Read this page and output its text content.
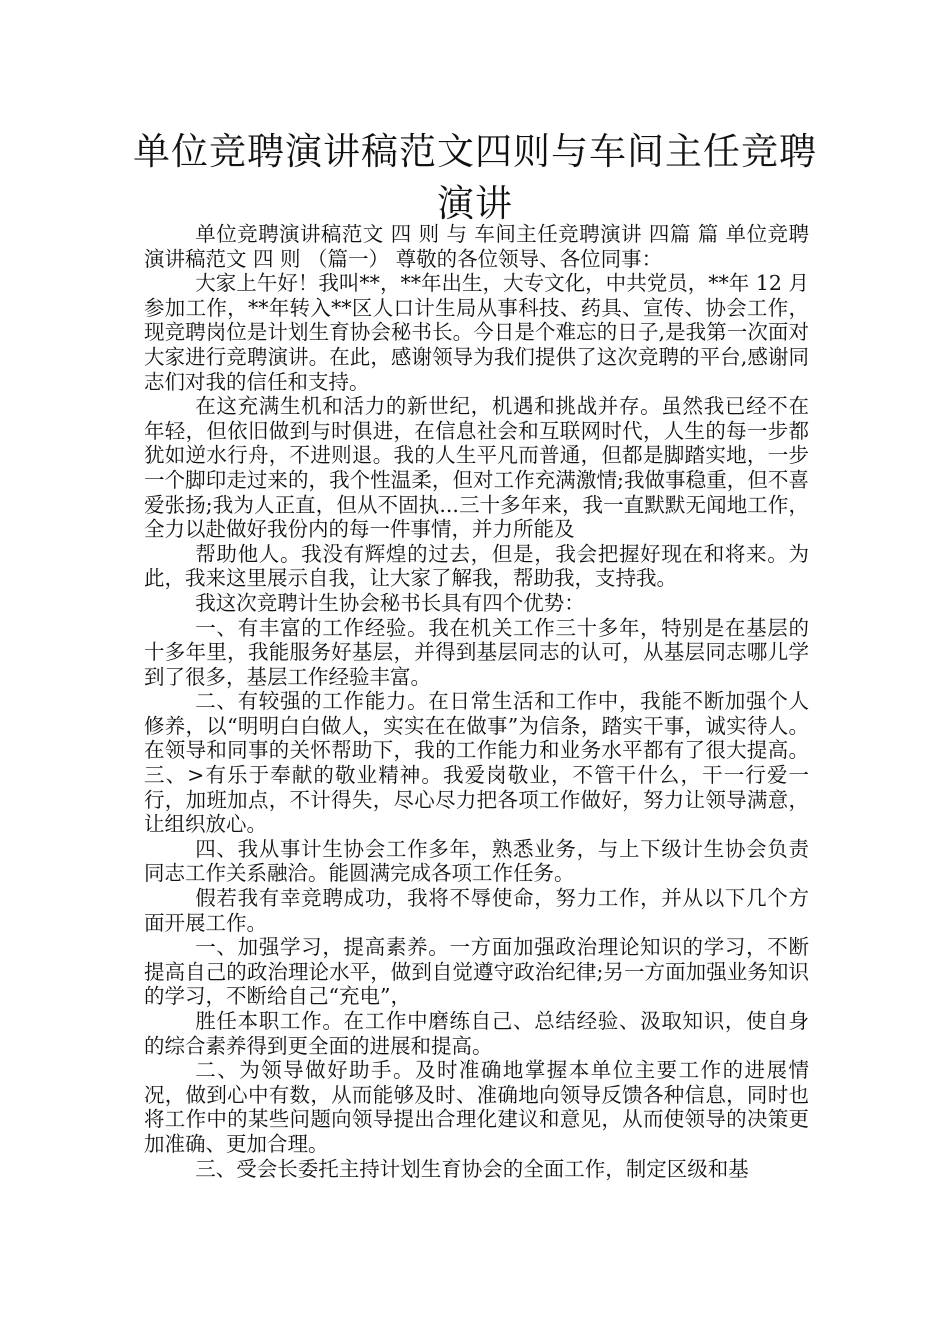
单位竞聘演讲稿范文四则与车间主任竞聘演讲

单位竞聘演讲稿范文 四 则 与 车间主任竞聘演讲 四篇 篇 单位竞聘演讲稿范文 四 则 （篇一） 尊敬的各位领导、各位同事：

大家上午好！我叫**，**年出生，大专文化，中共党员，**年 12 月参加工作，**年转入**区人口计生局从事科技、药具、宣传、协会工作，现竞聘岗位是计划生育协会秘书长。今日是个难忘的日子,是我第一次面对大家进行竞聘演讲。在此，感谢领导为我们提供了这次竞聘的平台,感谢同志们对我的信任和支持。

在这充满生机和活力的新世纪，机遇和挑战并存。虽然我已经不在年轻，但依旧做到与时俱进，在信息社会和互联网时代，人生的每一步都犹如逆水行舟，不进则退。我的人生平凡而普通，但都是脚踏实地，一步一个脚印走过来的，我个性温柔，但对工作充满激情;我做事稳重，但不喜爱张扬;我为人正直，但从不固执...三十多年来，我一直默默无闻地工作，全力以赴做好我份内的每一件事情，并力所能及

帮助他人。我没有辉煌的过去，但是，我会把握好现在和将来。为此，我来这里展示自我，让大家了解我，帮助我，支持我。

我这次竞聘计生协会秘书长具有四个优势：

一、有丰富的工作经验。我在机关工作三十多年，特别是在基层的十多年里，我能服务好基层，并得到基层同志的认可，从基层同志哪儿学到了很多，基层工作经验丰富。

二、有较强的工作能力。在日常生活和工作中，我能不断加强个人修养，以“明明白白做人，实实在在做事”为信条，踏实干事，诚实待人。在领导和同事的关怀帮助下，我的工作能力和业务水平都有了很大提高。三、>有乐于奉献的敬业精神。我爱岗敬业，不管干什么，干一行爱一行，加班加点，不计得失，尽心尽力把各项工作做好，努力让领导满意，让组织放心。

四、我从事计生协会工作多年，熟悉业务，与上下级计生协会负责同志工作关系融洽。能圆满完成各项工作任务。

假若我有幸竞聘成功，我将不辱使命，努力工作，并从以下几个方面开展工作。

一、加强学习，提高素养。一方面加强政治理论知识的学习，不断提高自己的政治理论水平，做到自觉遵守政治纪律;另一方面加强业务知识的学习，不断给自己“充电”，

胜任本职工作。在工作中磨练自己、总结经验、汲取知识，使自身的综合素养得到更全面的进展和提高。

二、为领导做好助手。及时准确地掌握本单位主要工作的进展情况，做到心中有数，从而能够及时、准确地向领导反馈各种信息，同时也将工作中的某些问题向领导提出合理化建议和意见，从而使领导的决策更加准确、更加合理。

三、受会长委托主持计划生育协会的全面工作，制定区级和基
